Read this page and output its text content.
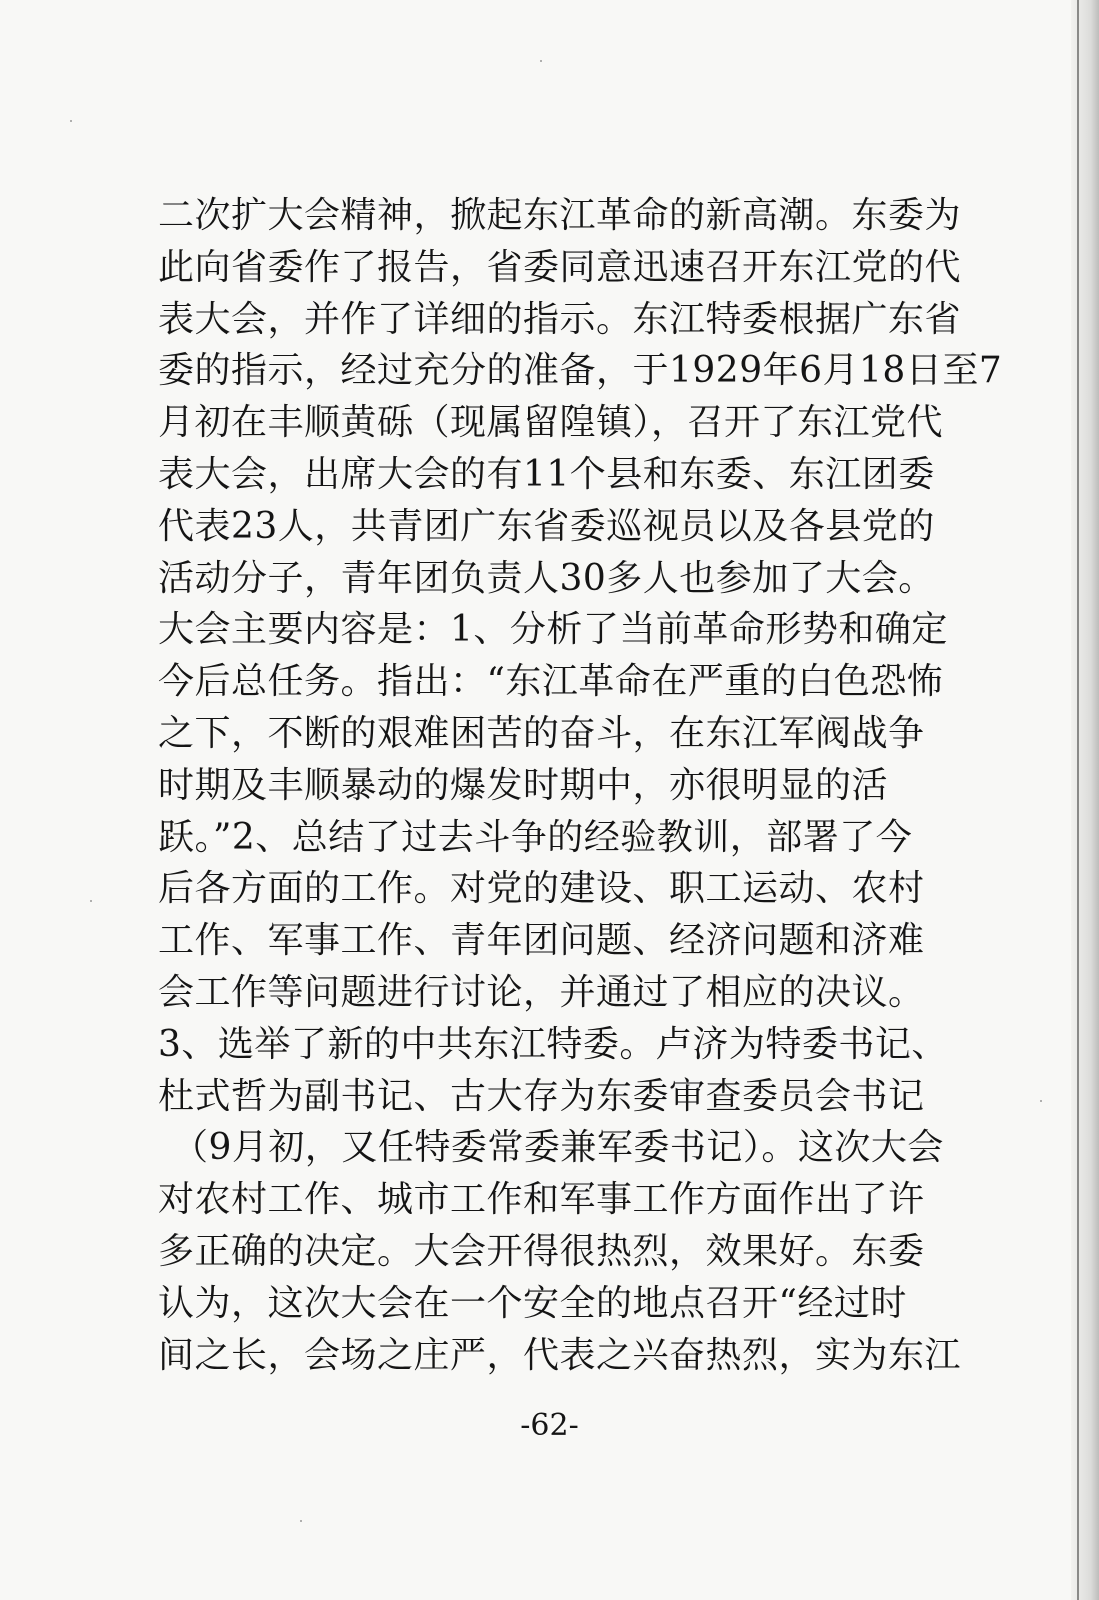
二次扩大会精神，掀起东江革命的新高潮。东委为
此向省委作了报告，省委同意迅速召开东江党的代
表大会，并作了详细的指示。东江特委根据广东省
委的指示，经过充分的准备，于1929年6月18日至7
月初在丰顺黄砾（现属留隍镇），召开了东江党代
表大会，出席大会的有11个县和东委、东江团委
代表23人，共青团广东省委巡视员以及各县党的
活动分子，青年团负责人30多人也参加了大会。
大会主要内容是：1、分析了当前革命形势和确定
今后总任务。指出：“东江革命在严重的白色恐怖
之下，不断的艰难困苦的奋斗，在东江军阀战争
时期及丰顺暴动的爆发时期中，亦很明显的活
跃。”2、总结了过去斗争的经验教训，部署了今
后各方面的工作。对党的建设、职工运动、农村
工作、军事工作、青年团问题、经济问题和济难
会工作等问题进行讨论，并通过了相应的决议。
3、选举了新的中共东江特委。卢济为特委书记、
杜式哲为副书记、古大存为东委审查委员会书记
（9月初，又任特委常委兼军委书记）。这次大会
对农村工作、城市工作和军事工作方面作出了许
多正确的决定。大会开得很热烈，效果好。东委
认为，这次大会在一个安全的地点召开“经过时
间之长，会场之庄严，代表之兴奋热烈，实为东江
-62-
